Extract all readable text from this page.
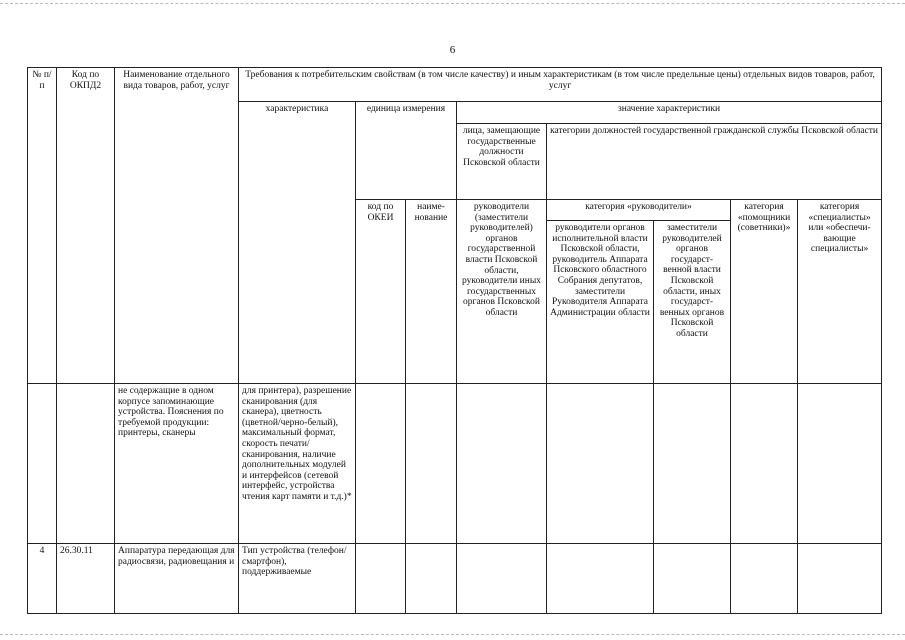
6
№ п/п	Код по ОКПД2	Наименование отдельного вида товаров, работ, услуг	Требования к потребительским свойствам (в том числе качеству) и иным характеристикам (в том числе предельные цены) отдельных видов товаров, работ, услуг							
			характеристика	единица измерения		значение характеристики				
						лица, замещающие государственные должности Псковской области	категории должностей государственной гражданской службы Псковской области			
				код по ОКЕИ	наиме-нование	руководители (заместители руководителей) органов государственной власти Псковской области, руководители иных государственных органов Псковской области	категория «руководители»		категория «помощники (советники)»	категория «специалисты» или «обеспечи-вающие специалисты»
							руководители органов исполнительной власти Псковской области, руководитель Аппарата Псковского областного Собрания депутатов, заместители Руководителя Аппарата Администрации области	заместители руководителей органов государст-венной власти Псковской области, иных государст-венных органов Псковской области		
		не содержащие в одном корпусе запоминающие устройства. Пояснения по требуемой продукции: принтеры, сканеры	для принтера), разрешение сканирования (для сканера), цветность (цветной/черно-белый), максимальный формат, скорость печати/ сканирования, наличие дополнительных модулей и интерфейсов (сетевой интерфейс, устройства чтения карт памяти и т.д.)*							
4	26.30.11	Аппаратура передающая для радиосвязи, радиовещания и	Тип устройства (телефон/смартфон), поддерживаемые							
